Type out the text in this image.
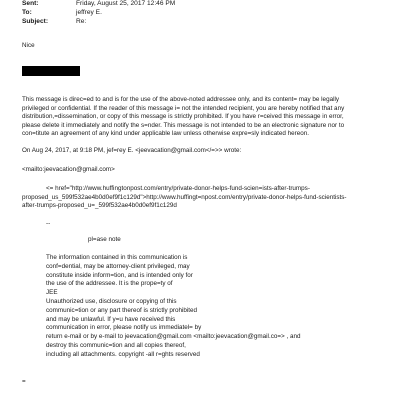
Sent:	Friday, August 25, 2017 12:46 PM
To:	jeffrey E.
Subject:	Re:
Nice
This message is direc=ed to and is for the use of the above-noted addressee only, and its content= may be legally
privileged or confidential. If the reader of this message i= not the intended recipient, you are hereby notified that any
distribution,=dissemination, or copy of this message is strictly prohibited. If you have r=ceived this message in error,
please delete it immediately and notify the s=nder. This message is not intended to be an electronic signature nor to
con=titute an agreement of any kind under applicable law unless otherwise expre=sly indicated hereon.
On Aug 24, 2017, at 9:18 PM, jef=rey E. <jeevacation@gmail.com</=>> wrote:
<mailto:jeevacation@gmail.com>
<= href="http://www.huffingtonpost.com/entry/private-donor-helps-fund-scien=ists-after-trumps-
proposed_us_599f532ae4b0d0ef9f1c129d">http://www.huffingt=npost.com/entry/private-donor-helps-fund-scientists-
after-trumps-proposed_u=_599f532ae4b0d0ef9f1c129d
--
pl=ase note
The information contained in this communication is
conf=dential, may be attorney-client privileged, may
constitute inside inform=tion, and is intended only for
the use of the addressee. It is the prope=ty of
JEE
Unauthorized use, disclosure or copying of this
communic=tion or any part thereof is strictly prohibited
and may be unlawful. If y=u have received this
communication in error, please notify us immediatel= by
return e-mail or by e-mail to jeevacation@gmail.com <mailto:jeevacation@gmail.co=> , and
destroy this communic=tion and all copies thereof,
including all attachments. copyright -all r=ghts reserved
=
